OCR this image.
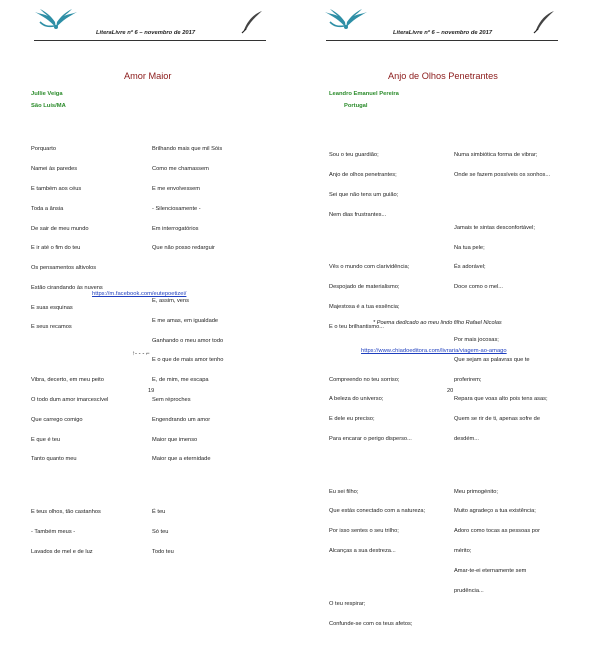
LiteraLivre nº 6 – novembro de 2017
Amor Maior
Jullie Veiga
São Luís/MA

Porquarto

Namei às paredes

E também aos céus

Toda a ânsia

De sair de meu mundo

E ir até o fim do teu

Os pensamentos altivolos

Estão cirandando às nuvens

E suas esquinas

E seus recamos

Vibra, decerto, em meu peito

O todo dum amor imarcescível

Que carrego comigo

E que é teu

Tanto quanto meu

E teus olhos, tão castanhos

- Também meus -

Lavados de mel e de luz

Brilhando mais que mil Sóis

Como me chamassem

E me envolvessem

- Silenciosamente -

Em interrogatórios

Que não posso redarguir

E, assim, vens

E me amas, em igualdade

Ganhando o meu amor todo

E o que de mais amor tenho

E, de mim, me escapa

Sem réproches

Engendrando um amor

Maior que imenso

Maior que a eternidade

É teu

Só teu

Todo teu

https://m.facebook.com/eutepoetizei/
↑- - - ⌐
19
LiteraLivre nº 6 – novembro de 2017
Anjo de Olhos Penetrantes
Leandro Emanuel Pereira
Portugal

Sou o teu guardião;

Anjo de olhos penetrantes;

Sei que não tens um guião;

Nem dias frustrantes...

Vês o mundo com clarividência;

Despojado de materialismo;

Majestosa é a tua essência;

E o teu brilhantismo...

Compreendo no teu sorriso;

A beleza do universo;

E dele eu preciso;

Para encarar o perigo disperso...

Eu sei filho;

Que estás conectado com a natureza;

Por isso sentes o seu trilho;

Alcanças a sua destreza...

O teu respirar;

Confunde-se com os teus afetos;

Numa simbiótica forma de vibrar;

Onde se fazem possíveis os sonhos...

Jamais te sintas desconfortável;

Na tua pele;

És adorável;

Doce como o mel...

Por mais jocosas;

Que sejam as palavras que te

proferirem;

Repara que voas alto pois tens asas;

Quem se rir de ti, apenas sofre de

desdém...

Meu primogénito;

Muito agradeço a tua existência;

Adoro como tocas as pessoas por

mérito;

Amar-te-ei eternamente sem

prudência...

* Poema dedicado ao meu lindo filho Rafael Nicolas
https://www.chiadoeditora.com/livraria/viagem-ao-amago
20
